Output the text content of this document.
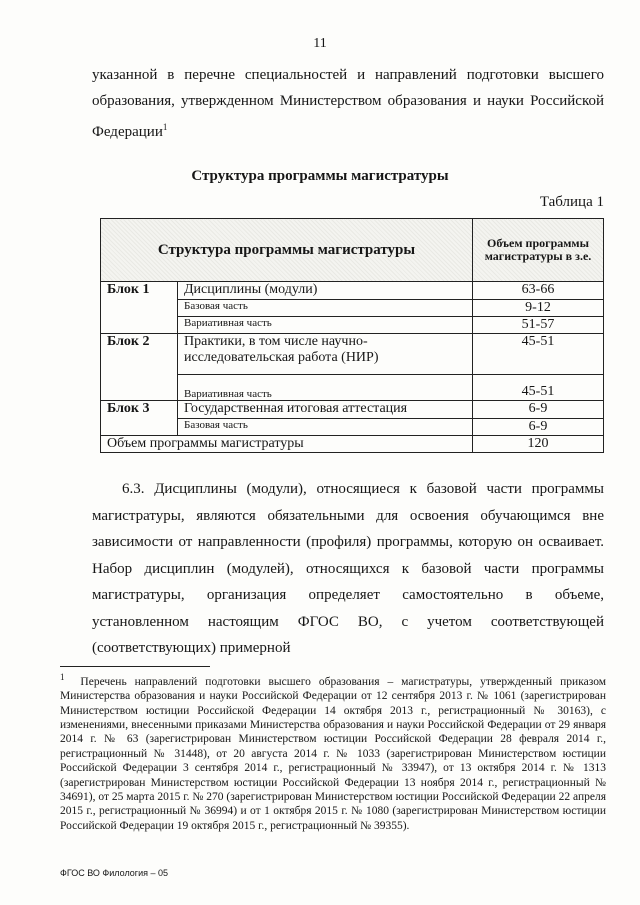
11
указанной в перечне специальностей и направлений подготовки высшего образования, утвержденном Министерством образования и науки Российской Федерации$^1$
Структура программы магистратуры
Таблица 1
Структура программы магистратуры		Объем программы магистратуры в з.е.
Блок 1	Дисциплины (модули)	63-66
	Базовая часть	9-12
	Вариативная часть	51-57
Блок 2	Практики, в том числе научно-исследовательская работа (НИР)	45-51
	Вариативная часть	45-51
Блок 3	Государственная итоговая аттестация	6-9
	Базовая часть	6-9
Объем программы магистратуры		120
6.3. Дисциплины (модули), относящиеся к базовой части программы магистратуры, являются обязательными для освоения обучающимся вне зависимости от направленности (профиля) программы, которую он осваивает. Набор дисциплин (модулей), относящихся к базовой части программы магистратуры, организация определяет самостоятельно в объеме, установленном настоящим ФГОС ВО, с учетом соответствующей (соответствующих) примерной
$^1$ Перечень направлений подготовки высшего образования – магистратуры, утвержденный приказом Министерства образования и науки Российской Федерации от 12 сентября 2013 г. № 1061 (зарегистрирован Министерством юстиции Российской Федерации 14 октября 2013 г., регистрационный № 30163), с изменениями, внесенными приказами Министерства образования и науки Российской Федерации от 29 января 2014 г. № 63 (зарегистрирован Министерством юстиции Российской Федерации 28 февраля 2014 г., регистрационный № 31448), от 20 августа 2014 г. № 1033 (зарегистрирован Министерством юстиции Российской Федерации 3 сентября 2014 г., регистрационный № 33947), от 13 октября 2014 г. № 1313 (зарегистрирован Министерством юстиции Российской Федерации 13 ноября 2014 г., регистрационный № 34691), от 25 марта 2015 г. № 270 (зарегистрирован Министерством юстиции Российской Федерации 22 апреля 2015 г., регистрационный № 36994) и от 1 октября 2015 г. № 1080 (зарегистрирован Министерством юстиции Российской Федерации 19 октября 2015 г., регистрационный № 39355).
ФГОС ВО Филология – 05
